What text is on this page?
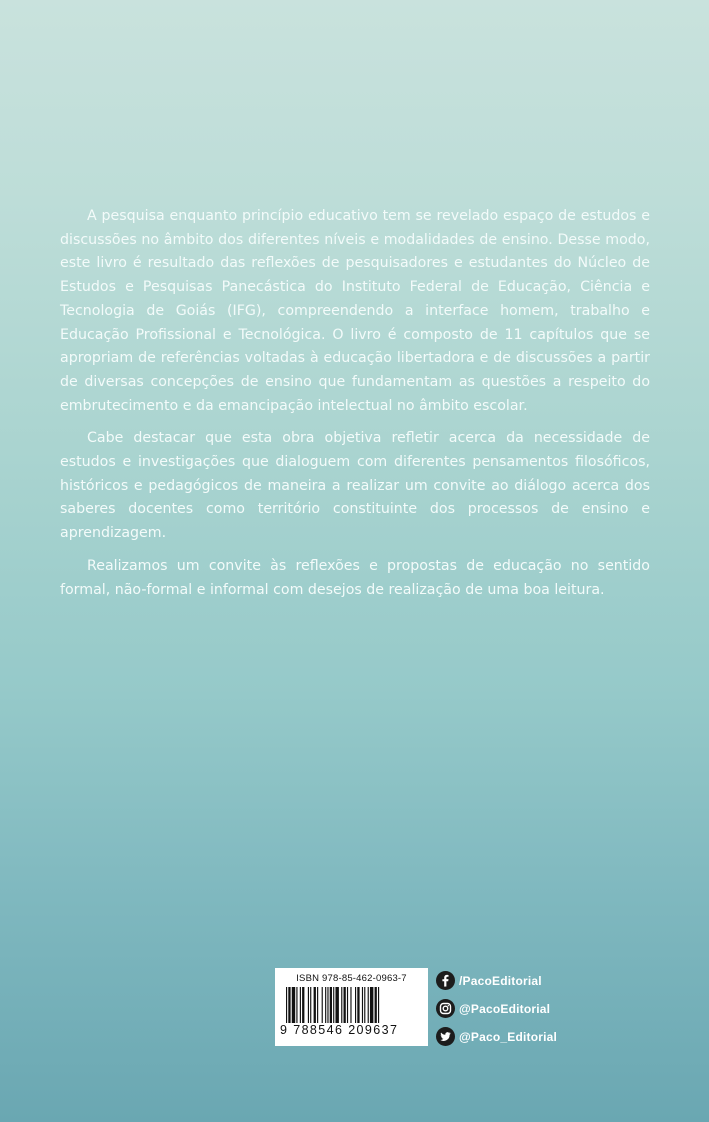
A pesquisa enquanto princípio educativo tem se revelado espaço de estudos e discussões no âmbito dos diferentes níveis e modalidades de ensino. Desse modo, este livro é resultado das reflexões de pesquisadores e estudantes do Núcleo de Estudos e Pesquisas Panecástica do Instituto Federal de Educação, Ciência e Tecnologia de Goiás (IFG), compreendendo a interface homem, trabalho e Educação Profissional e Tecnológica. O livro é composto de 11 capítulos que se apropriam de referências voltadas à educação libertadora e de discussões a partir de diversas concepções de ensino que fundamentam as questões a respeito do embrutecimento e da emancipação intelectual no âmbito escolar.

Cabe destacar que esta obra objetiva refletir acerca da necessidade de estudos e investigações que dialoguem com diferentes pensamentos filosóficos, históricos e pedagógicos de maneira a realizar um convite ao diálogo acerca dos saberes docentes como território constituinte dos processos de ensino e aprendizagem.

Realizamos um convite às reflexões e propostas de educação no sentido formal, não-formal e informal com desejos de realização de uma boa leitura.

ISBN 978-85-462-0963-7
9 788546 209637
/PacoEditorial
@PacoEditorial
@Paco_Editorial
